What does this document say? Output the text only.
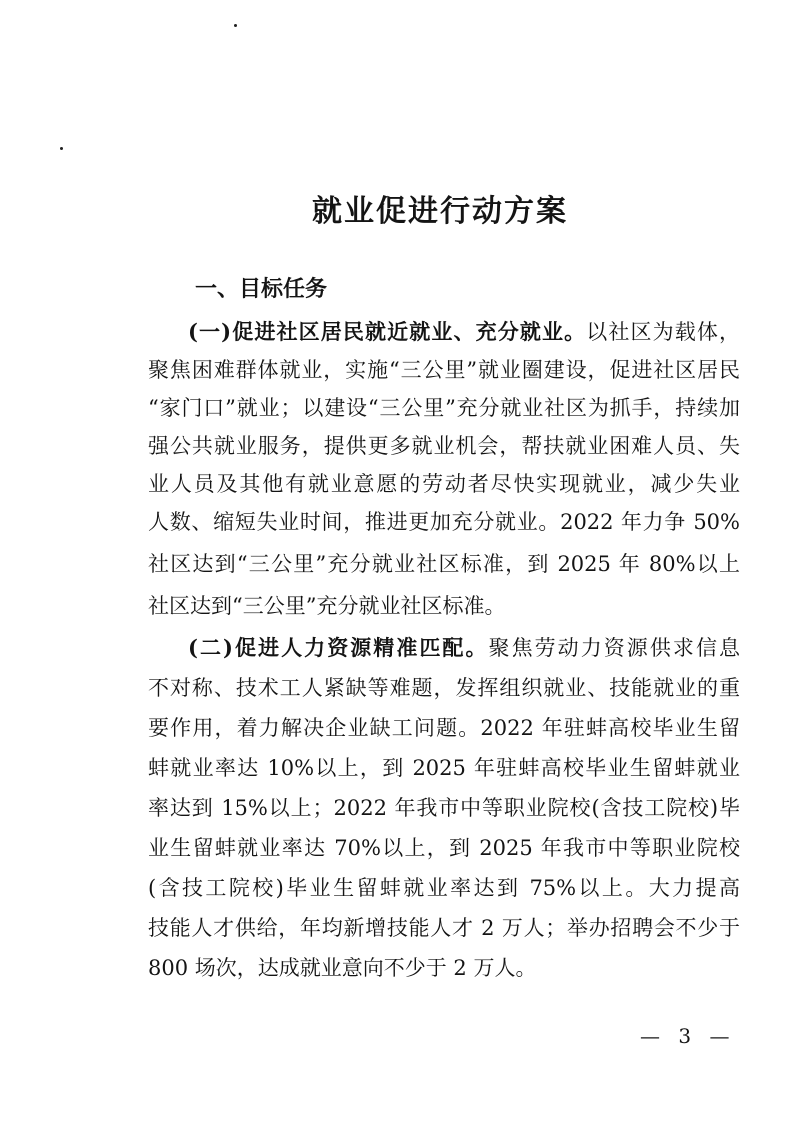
就业促进行动方案
一、目标任务

(一)促进社区居民就近就业、充分就业。以社区为载体，

聚焦困难群体就业，实施“三公里”就业圈建设，促进社区居民

“家门口”就业；以建设“三公里”充分就业社区为抓手，持续加

强公共就业服务，提供更多就业机会，帮扶就业困难人员、失

业人员及其他有就业意愿的劳动者尽快实现就业，减少失业

人数、缩短失业时间，推进更加充分就业。2022 年力争 50%

社区达到“三公里”充分就业社区标准，到 2025 年 80%以上

社区达到“三公里”充分就业社区标准。

(二)促进人力资源精准匹配。聚焦劳动力资源供求信息

不对称、技术工人紧缺等难题，发挥组织就业、技能就业的重

要作用，着力解决企业缺工问题。2022 年驻蚌高校毕业生留

蚌就业率达 10%以上，到 2025 年驻蚌高校毕业生留蚌就业

率达到 15%以上；2022 年我市中等职业院校(含技工院校)毕

业生留蚌就业率达 70%以上，到 2025 年我市中等职业院校

(含技工院校)毕业生留蚌就业率达到 75%以上。大力提高

技能人才供给，年均新增技能人才 2 万人；举办招聘会不少于

800 场次，达成就业意向不少于 2 万人。

— 3 —
